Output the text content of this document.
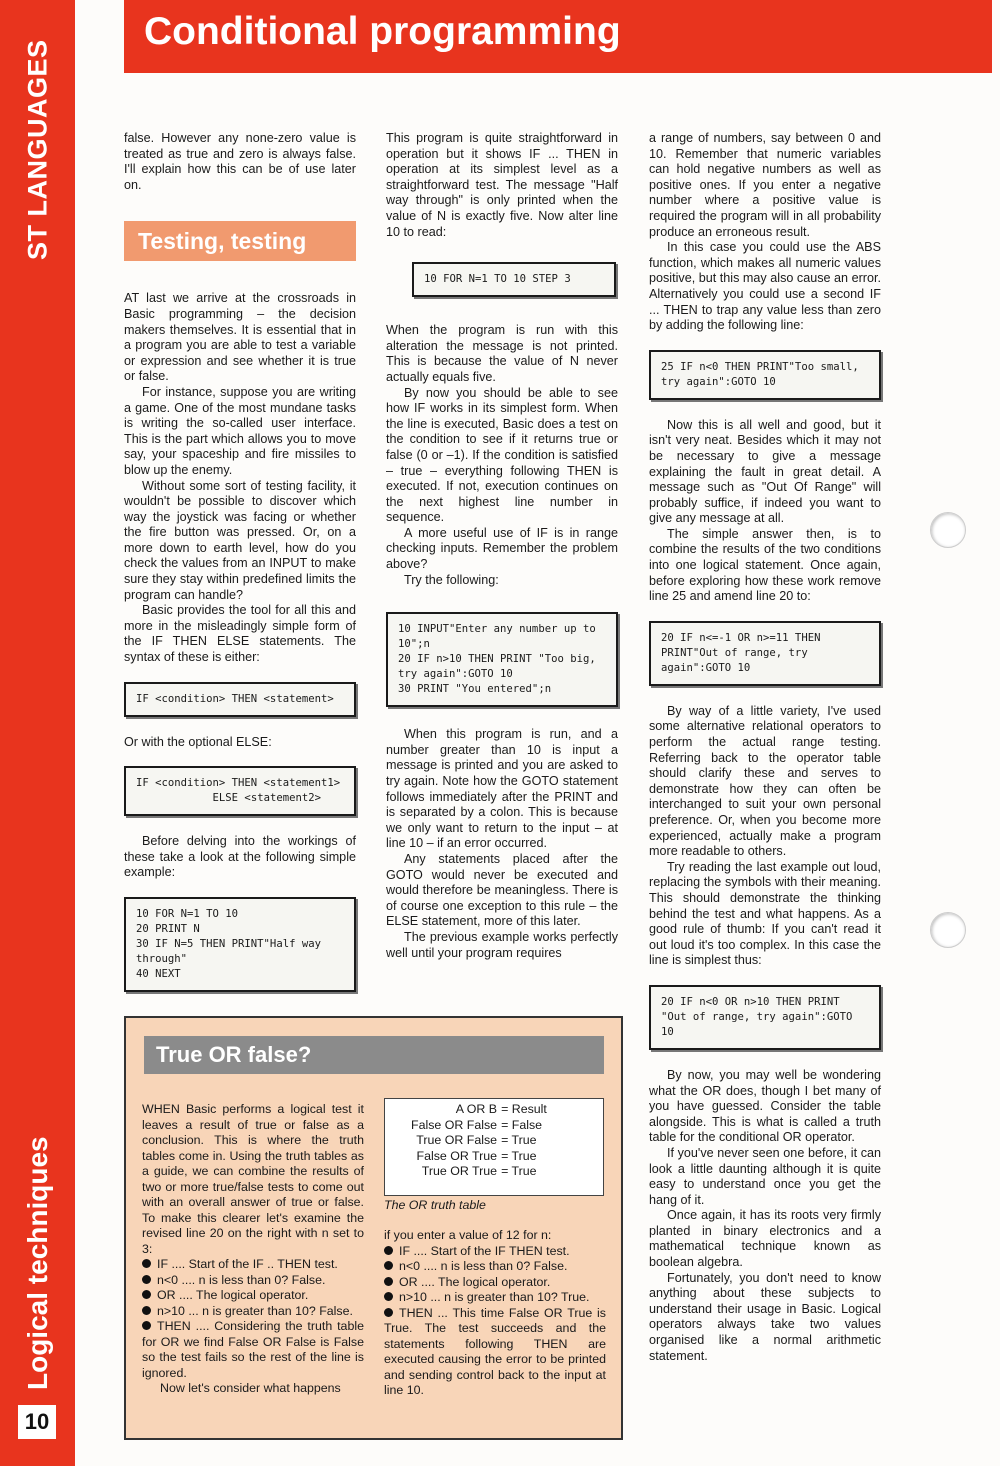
ST LANGUAGES
Logical techniques
10
Conditional programming

false. However any none-zero value is treated as true and zero is always false. I'll explain how this can be of use later on.

Testing, testing

AT last we arrive at the crossroads in Basic programming – the decision makers themselves. It is essential that in a program you are able to test a variable or expression and see whether it is true or false.

For instance, suppose you are writing a game. One of the most mundane tasks is writing the so-called user interface. This is the part which allows you to move say, your spaceship and fire missiles to blow up the enemy.

Without some sort of testing facility, it wouldn't be possible to discover which way the joystick was facing or whether the fire button was pressed. Or, on a more down to earth level, how do you check the values from an INPUT to make sure they stay within predefined limits the program can handle?

Basic provides the tool for all this and more in the misleadingly simple form of the IF THEN ELSE statements. The syntax of these is either:

IF <condition> THEN <statement>

Or with the optional ELSE:

IF <condition> THEN <statement1>
ELSE <statement2>

Before delving into the workings of these take a look at the following simple example:

10 FOR N=1 TO 10
20 PRINT N
30 IF N=5 THEN PRINT"Half way through"
40 NEXT

This program is quite straightforward in operation but it shows IF ... THEN in operation at its simplest level as a straightforward test. The message "Half way through" is only printed when the value of N is exactly five. Now alter line 10 to read:

10 FOR N=1 TO 10 STEP 3

When the program is run with this alteration the message is not printed. This is because the value of N never actually equals five.

By now you should be able to see how IF works in its simplest form. When the line is executed, Basic does a test on the condition to see if it returns true or false (0 or –1). If the condition is satisfied – true – everything following THEN is executed. If not, execution continues on the next highest line number in sequence.

A more useful use of IF is in range checking inputs. Remember the problem above?

Try the following:

10 INPUT"Enter any number up to 10";n
20 IF n>10 THEN PRINT "Too big, try again":GOTO 10
30 PRINT "You entered";n

When this program is run, and a number greater than 10 is input a message is printed and you are asked to try again. Note how the GOTO statement follows immediately after the PRINT and is separated by a colon. This is because we only want to return to the input – at line 10 – if an error occurred.

Any statements placed after the GOTO would never be executed and would therefore be meaningless. There is of course one exception to this rule – the ELSE statement, more of this later.

The previous example works perfectly well until your program requires

a range of numbers, say between 0 and 10. Remember that numeric variables can hold negative numbers as well as positive ones. If you enter a negative number where a positive value is required the program will in all probability produce an erroneous result.

In this case you could use the ABS function, which makes all numeric values positive, but this may also cause an error. Alternatively you could use a second IF ... THEN to trap any value less than zero by adding the following line:

25 IF n<0 THEN PRINT"Too small, try again":GOTO 10

Now this is all well and good, but it isn't very neat. Besides which it may not be necessary to give a message explaining the fault in great detail. A message such as "Out Of Range" will probably suffice, if indeed you want to give any message at all.

The simple answer then, is to combine the results of the two conditions into one logical statement. Once again, before exploring how these work remove line 25 and amend line 20 to:

20 IF n<=-1 OR n>=11 THEN PRINT"Out of range, try again":GOTO 10

By way of a little variety, I've used some alternative relational operators to perform the actual range testing. Referring back to the operator table should clarify these and serves to demonstrate how they can often be interchanged to suit your own personal preference. Or, when you become more experienced, actually make a program more readable to others.

Try reading the last example out loud, replacing the symbols with their meaning. This should demonstrate the thinking behind the test and what happens. As a good rule of thumb: If you can't read it out loud it's too complex. In this case the line is simplest thus:

20 IF n<0 OR n>10 THEN PRINT "Out of range, try again":GOTO 10

By now, you may well be wondering what the OR does, though I bet many of you have guessed. Consider the table alongside. This is what is called a truth table for the conditional OR operator.

If you've never seen one before, it can look a little daunting although it is quite easy to understand once you get the hang of it.

Once again, it has its roots very firmly planted in binary electronics and a mathematical technique known as boolean algebra.

Fortunately, you don't need to know anything about these subjects to understand their usage in Basic. Logical operators always take two values organised like a normal arithmetic statement.

True OR false?

WHEN Basic performs a logical test it leaves a result of true or false as a conclusion. This is where the truth tables come in. Using the truth tables as a guide, we can combine the results of two or more true/false tests to come out with an overall answer of true or false. To make this clearer let's examine the revised line 20 on the right with n set to 3:

IF .... Start of the IF .. THEN test.

n<0 .... n is less than 0? False.

OR .... The logical operator.

n>10 ... n is greater than 10? False.

THEN .... Considering the truth table for OR we find False OR False is False so the test fails so the rest of the line is ignored.

Now let's consider what happens

A OR B	= Result
False OR False	= False
True OR False	= True
False OR True	= True
True OR True	= True
The OR truth table

if you enter a value of 12 for n:

IF .... Start of the IF THEN test.

n<0 .... n is less than 0? False.

OR .... The logical operator.

n>10 ... n is greater than 10? True.

THEN ... This time False OR True is True. The test succeeds and the statements following THEN are executed causing the error to be printed and sending control back to the input at line 10.
